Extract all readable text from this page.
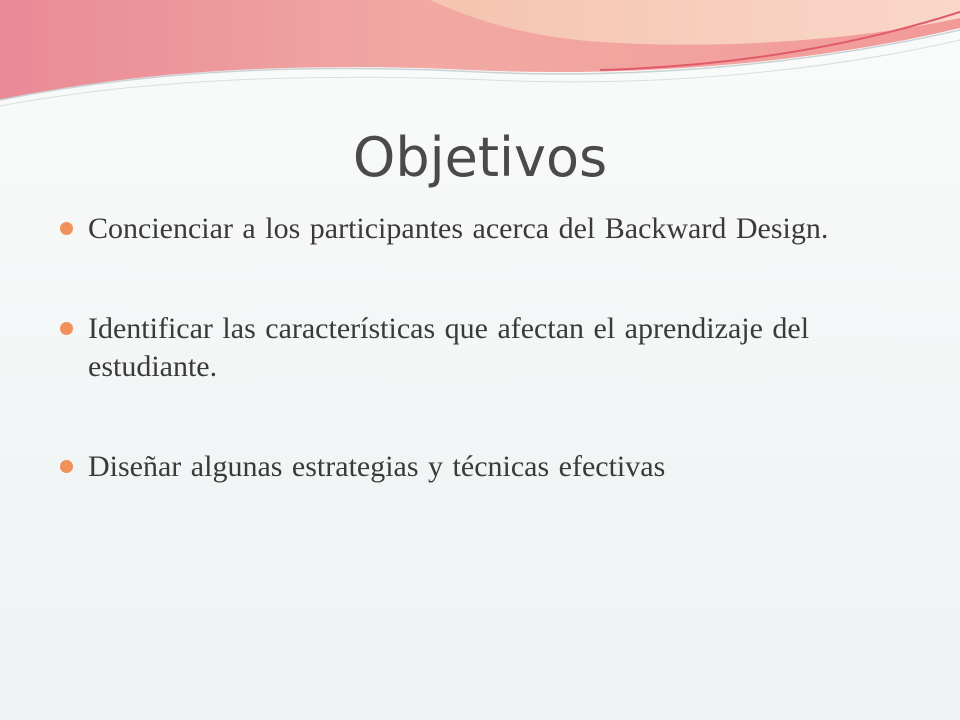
Objetivos
Concienciar a los participantes acerca del Backward Design.
Identificar las características que afectan el aprendizaje del estudiante.
Diseñar algunas estrategias y técnicas efectivas
